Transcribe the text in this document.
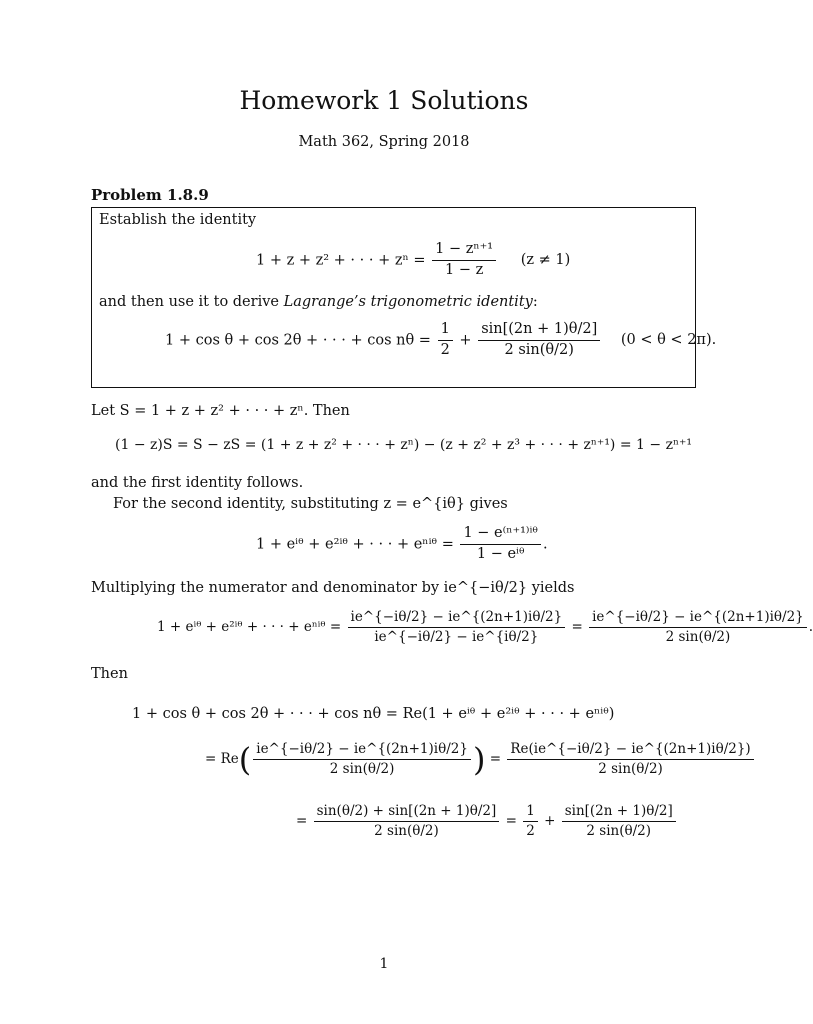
Homework 1 Solutions
Math 362, Spring 2018
Problem 1.8.9
Establish the identity
1 + z + z² + · · · + $z^n = \frac{\text{1 − zⁿ⁺¹}}{1 - z} (z \ne 1)$
and then use it to derive Lagrange’s trigonometric identity:
1 + cos θ + cos 2θ + · · · + $\cos n\theta = \frac{1}{2} + \frac{\sin[(2n + 1)\theta/2]}{2 \sin(\theta/2)} (0 < \theta < 2\pi)$.
Let S = 1 + z + z² + · · · + zⁿ. Then
(1 − z)S = S − zS = (1 + z + z² + · · · + zⁿ) − (z + z² + z³ + · · · + zⁿ⁺¹) = 1 − zⁿ⁺¹
and the first identity follows.
For the second identity, substituting z = e^{iθ} gives
1 + eⁱᶿ + e²ⁱᶿ + · · · + eⁿⁱᶿ = $\frac{\text{1 − e⁽ⁿ⁺¹⁾ⁱᶿ}}{\text{1 − eⁱᶿ}}$ .
Multiplying the numerator and denominator by ie^{−iθ/2} yields
1 + eⁱᶿ + e²ⁱᶿ + · · · + eⁿⁱᶿ = $\frac{ie\^{}\{-i\theta/2\} - ie\^{}\{(2n+1)i\theta/2\}}{ie\^{}\{-i\theta/2\} - ie\^{}\{i\theta/2\}} = \frac{ie\^{}\{-i\theta/2\} - ie\^{}\{(2n+1)i\theta/2\}}{2 \sin(\theta/2)}$ .
Then
1 + cos θ + cos 2θ + · · · + cos nθ = Re(1 + eⁱᶿ + e²ⁱᶿ + · · · + eⁿⁱᶿ)
= $Re( \frac{ie\^{}\{-i\theta/2\} - ie\^{}\{(2n+1)i\theta/2\}}{2 \sin(\theta/2)}$ ) = $\frac{Re(ie\^{}\{-i\theta/2\} - ie\^{}\{(2n+1)i\theta/2\})}{2 \sin(\theta/2)}$
= $\frac{\sin(\theta/2) + \sin[(2n + 1)\theta/2]}{2 \sin(\theta/2)} = \frac{1}{2} + \frac{\sin[(2n + 1)\theta/2]}{2 \sin(\theta/2)}$
1
